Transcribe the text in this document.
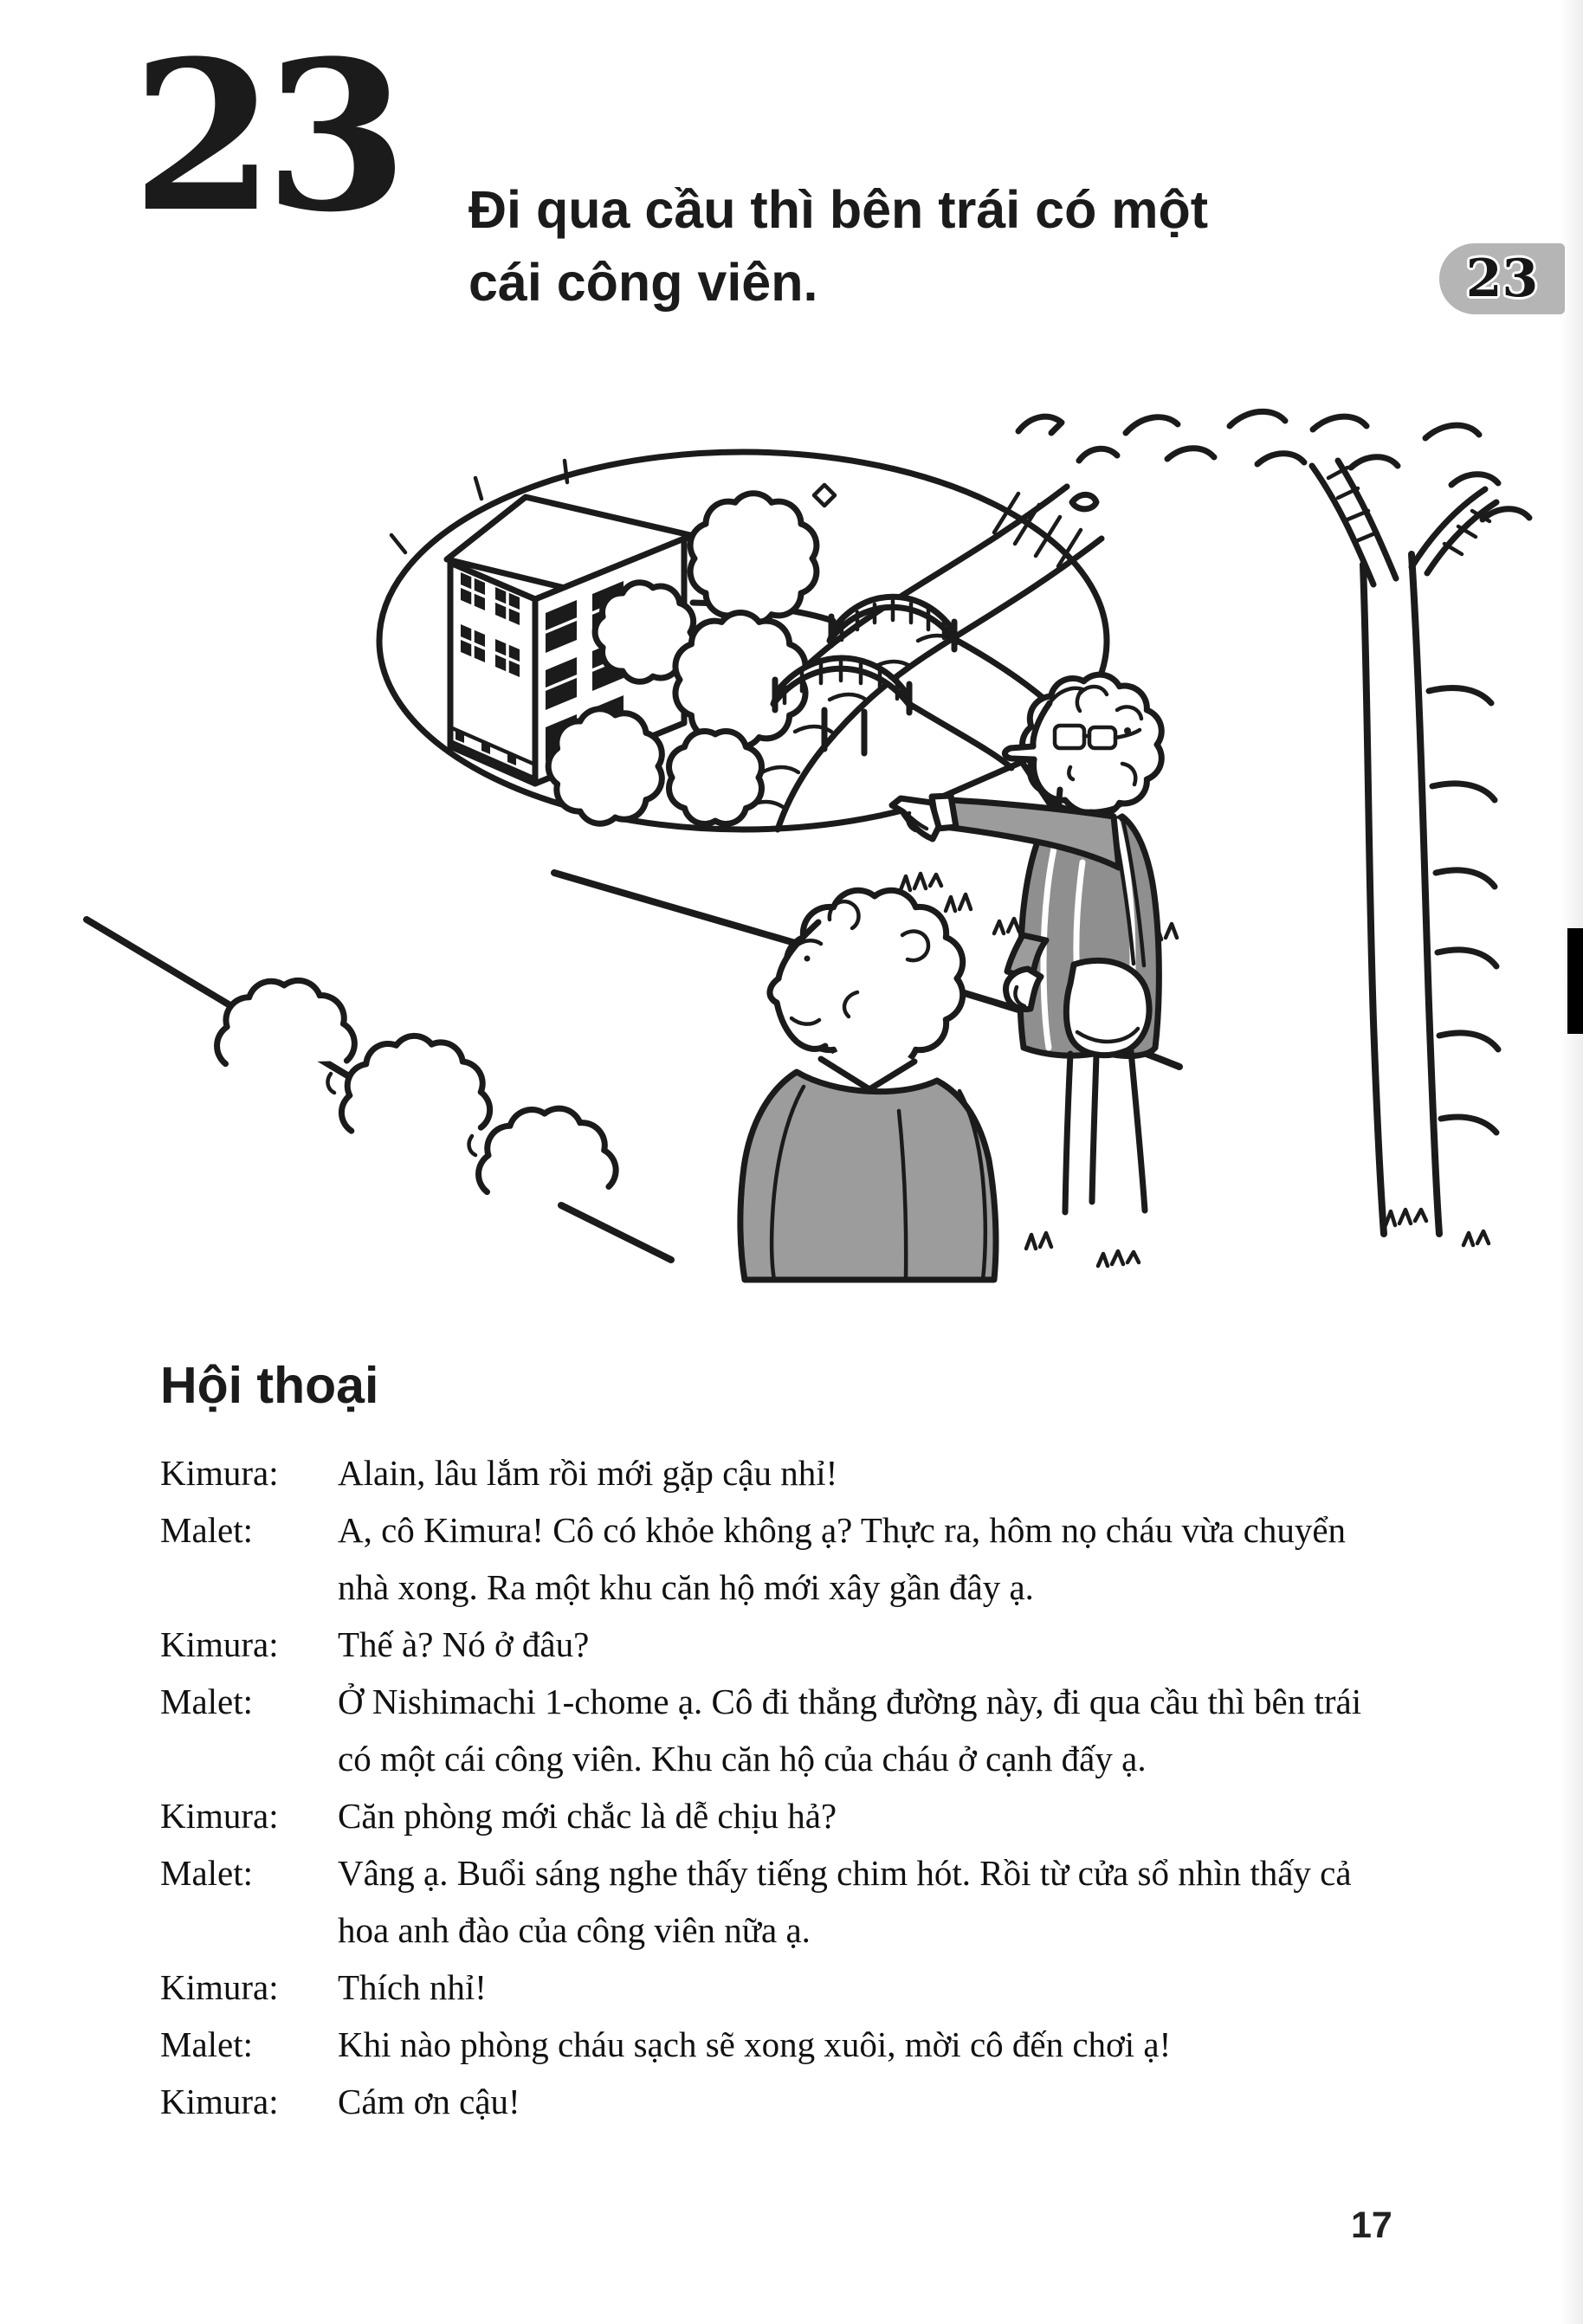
23 Đi qua cầu thì bên trái có một
cái công viên.	23
Hội thoại
Kimura:	Alain, lâu lắm rồi mới gặp cậu nhỉ!
Malet:	A, cô Kimura! Cô có khỏe không ạ? Thực ra, hôm nọ cháu vừa chuyển
nhà xong. Ra một khu căn hộ mới xây gần đây ạ.
Kimura:	Thế à? Nó ở đâu?
Malet:	Ở Nishimachi 1-chome ạ. Cô đi thẳng đường này, đi qua cầu thì bên trái
có một cái công viên. Khu căn hộ của cháu ở cạnh đấy ạ.
Kimura:	Căn phòng mới chắc là dễ chịu hả?
Malet:	Vâng ạ. Buổi sáng nghe thấy tiếng chim hót. Rồi từ cửa sổ nhìn thấy cả
hoa anh đào của công viên nữa ạ.
Kimura:	Thích nhỉ!
Malet:	Khi nào phòng cháu sạch sẽ xong xuôi, mời cô đến chơi ạ!
Kimura:	Cám ơn cậu!
17
